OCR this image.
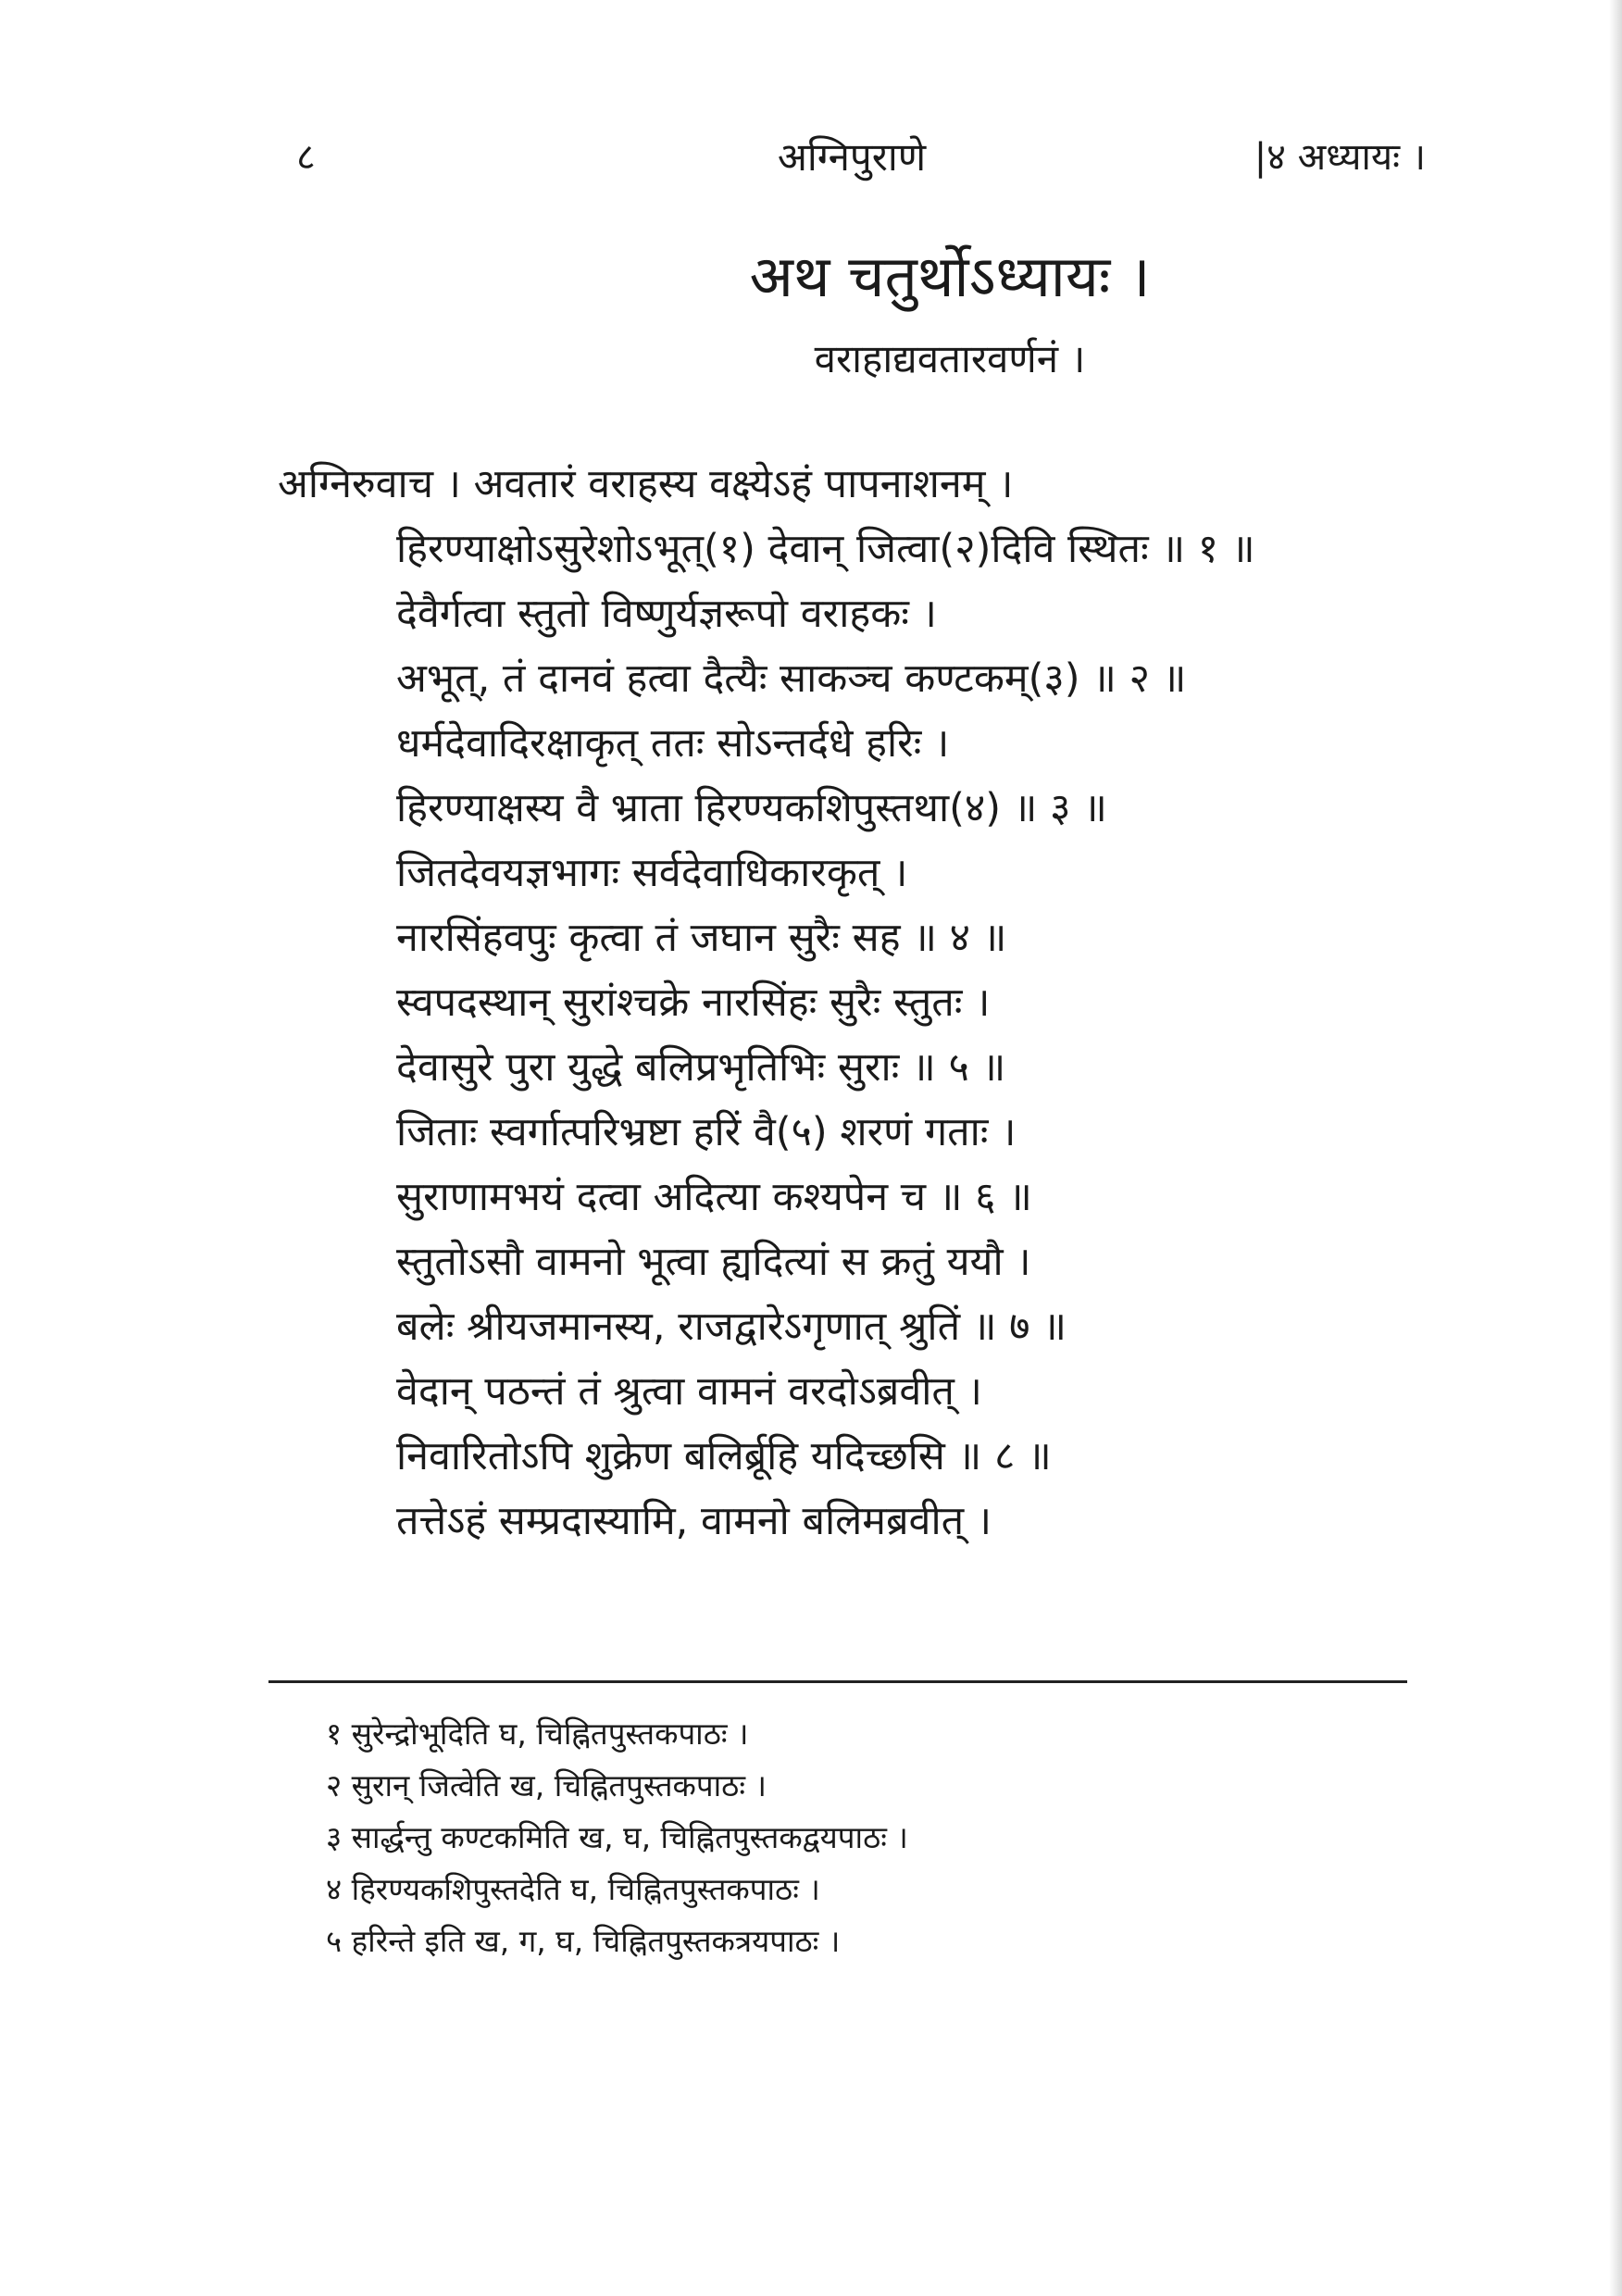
८	अग्निपुराणे	|४ अध्यायः ।
अथ चतुर्थोऽध्यायः ।
वराहाद्यवतारवर्णनं ।
अग्निरुवाच । अवतारं वराहस्य वक्ष्येऽहं पापनाशनम् ।
हिरण्याक्षोऽसुरेशोऽभूत्(१) देवान् जित्वा(२)दिवि स्थितः ॥ १ ॥
देवैर्गत्वा स्तुतो विष्णुर्यज्ञरूपो वराहकः ।
अभूत्, तं दानवं हत्वा दैत्यैः साकञ्च कण्टकम्(३) ॥ २ ॥
धर्मदेवादिरक्षाकृत् ततः सोऽन्तर्दधे हरिः ।
हिरण्याक्षस्य वै भ्राता हिरण्यकशिपुस्तथा(४) ॥ ३ ॥
जितदेवयज्ञभागः सर्वदेवाधिकारकृत् ।
नारसिंहवपुः कृत्वा तं जघान सुरैः सह ॥ ४ ॥
स्वपदस्थान् सुरांश्चक्रे नारसिंहः सुरैः स्तुतः ।
देवासुरे पुरा युद्धे बलिप्रभृतिभिः सुराः ॥ ५ ॥
जिताः स्वर्गात्परिभ्रष्टा हरिं वै(५) शरणं गताः ।
सुराणामभयं दत्वा अदित्या कश्यपेन च ॥ ६ ॥
स्तुतोऽसौ वामनो भूत्वा ह्यदित्यां स क्रतुं ययौ ।
बलेः श्रीयजमानस्य, राजद्वारेऽगृणात् श्रुतिं ॥ ७ ॥
वेदान् पठन्तं तं श्रुत्वा वामनं वरदोऽब्रवीत् ।
निवारितोऽपि शुक्रेण बलिर्ब्रूहि यदिच्छसि ॥ ८ ॥
तत्तेऽहं सम्प्रदास्यामि, वामनो बलिमब्रवीत् ।
१ सुरेन्द्रोभूदिति घ, चिह्नितपुस्तकपाठः ।
२ सुरान् जित्वेति ख, चिह्नितपुस्तकपाठः ।
३ सार्द्धन्तु कण्टकमिति ख, घ, चिह्नितपुस्तकद्वयपाठः ।
४ हिरण्यकशिपुस्तदेति घ, चिह्नितपुस्तकपाठः ।
५ हरिन्ते इति ख, ग, घ, चिह्नितपुस्तकत्रयपाठः ।
